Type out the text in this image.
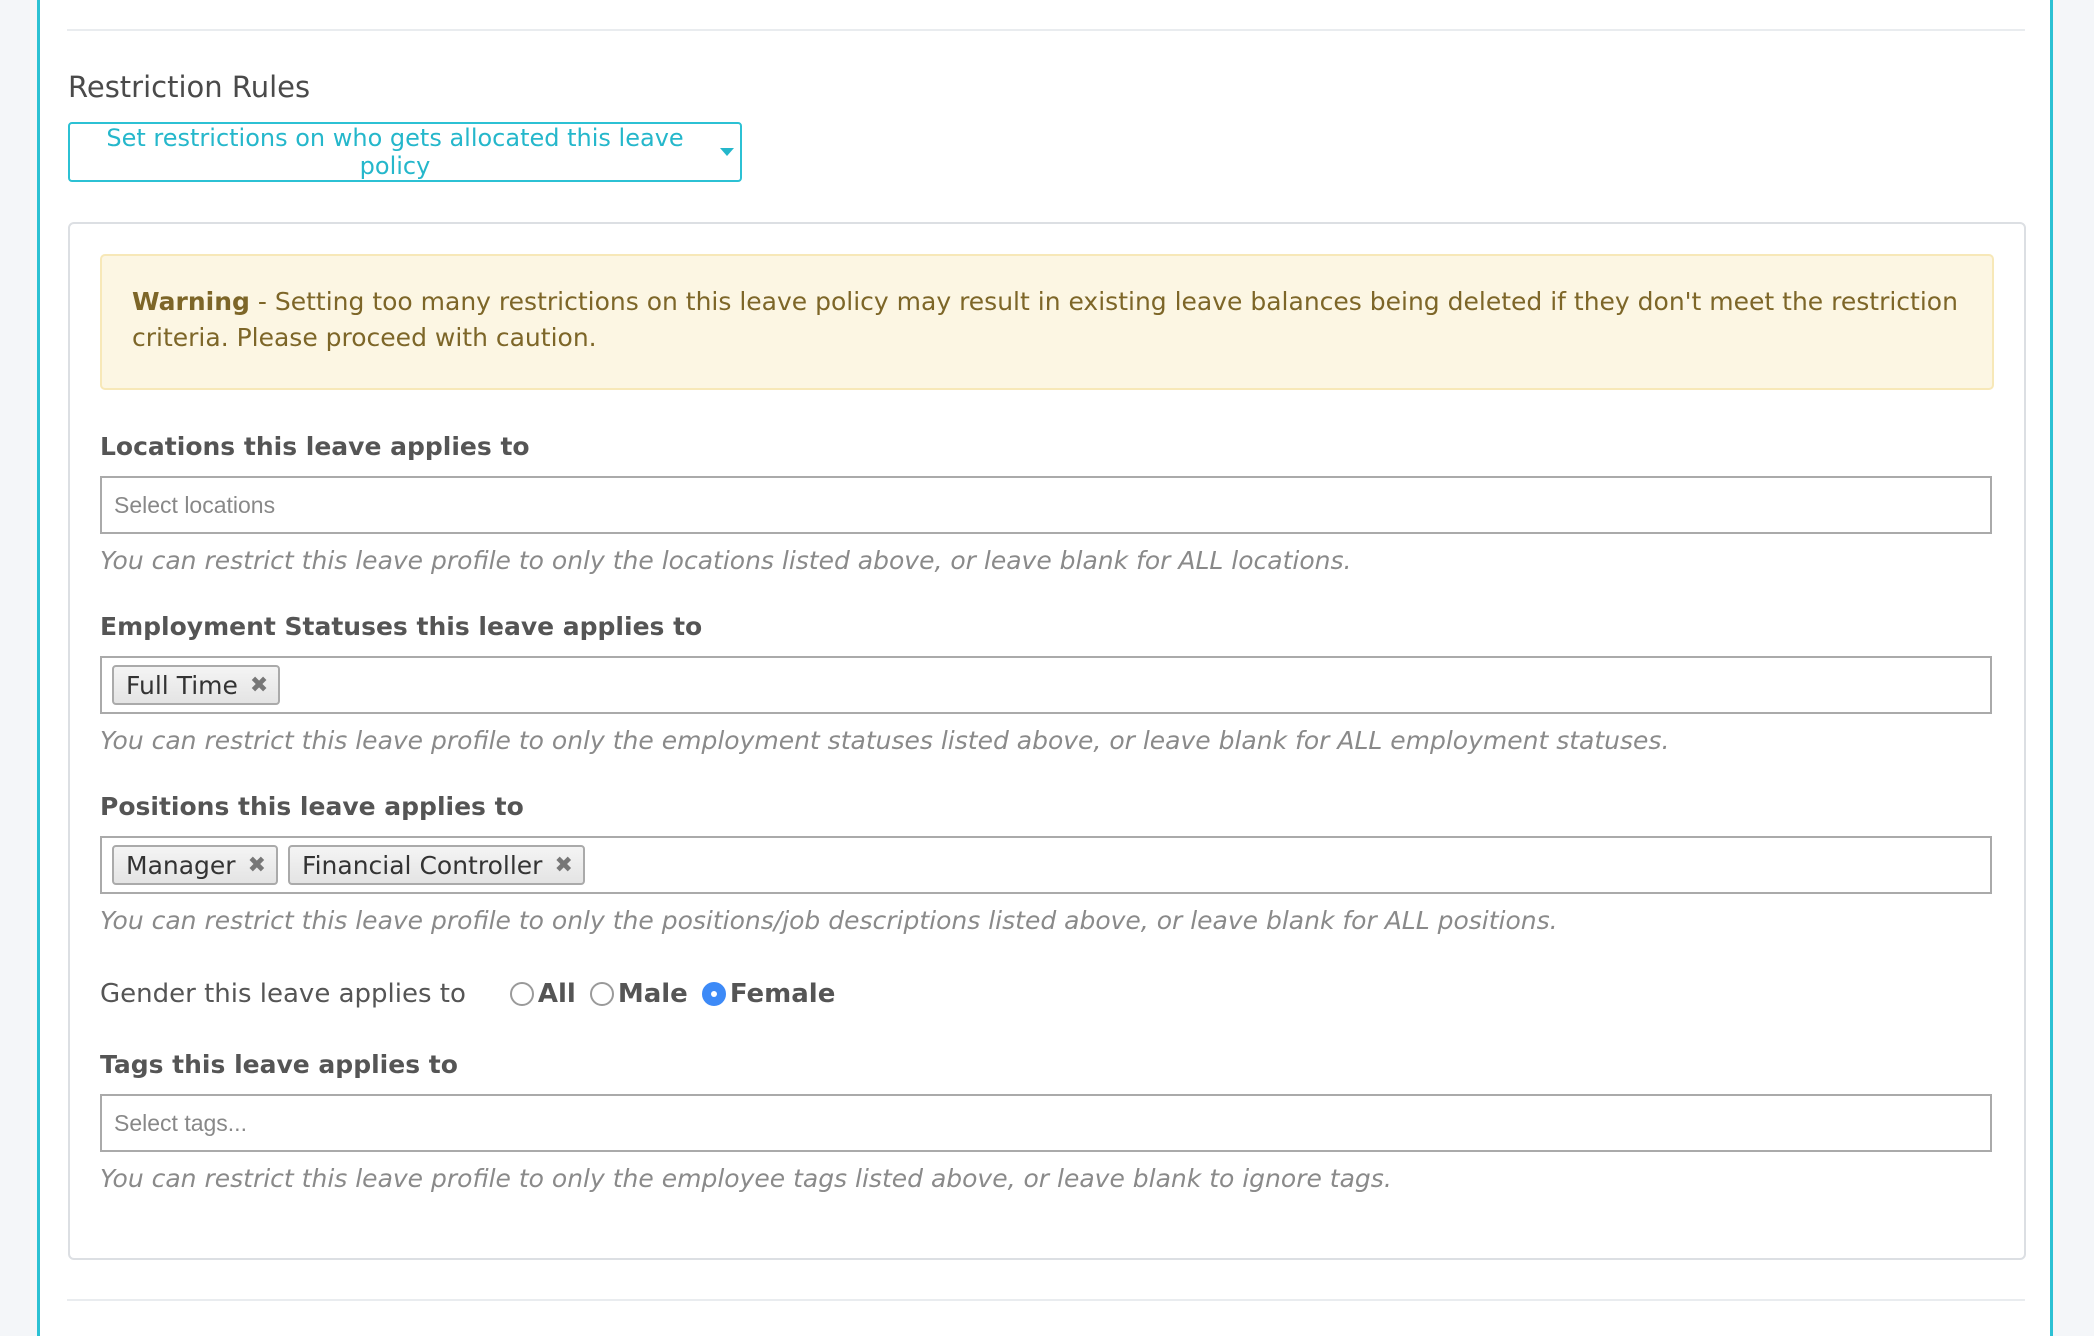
Restriction Rules
Set restrictions on who gets allocated this leave policy
Warning - Setting too many restrictions on this leave policy may result in existing leave balances being deleted if they don't meet the restriction criteria. Please proceed with caution.
Locations this leave applies to
Select locations
You can restrict this leave profile to only the locations listed above, or leave blank for ALL locations.
Employment Statuses this leave applies to
Full Time ✖
You can restrict this leave profile to only the employment statuses listed above, or leave blank for ALL employment statuses.
Positions this leave applies to
Manager ✖ Financial Controller ✖
You can restrict this leave profile to only the positions/job descriptions listed above, or leave blank for ALL positions.
Gender this leave applies to	All Male Female
Tags this leave applies to
Select tags...
You can restrict this leave profile to only the employee tags listed above, or leave blank to ignore tags.
